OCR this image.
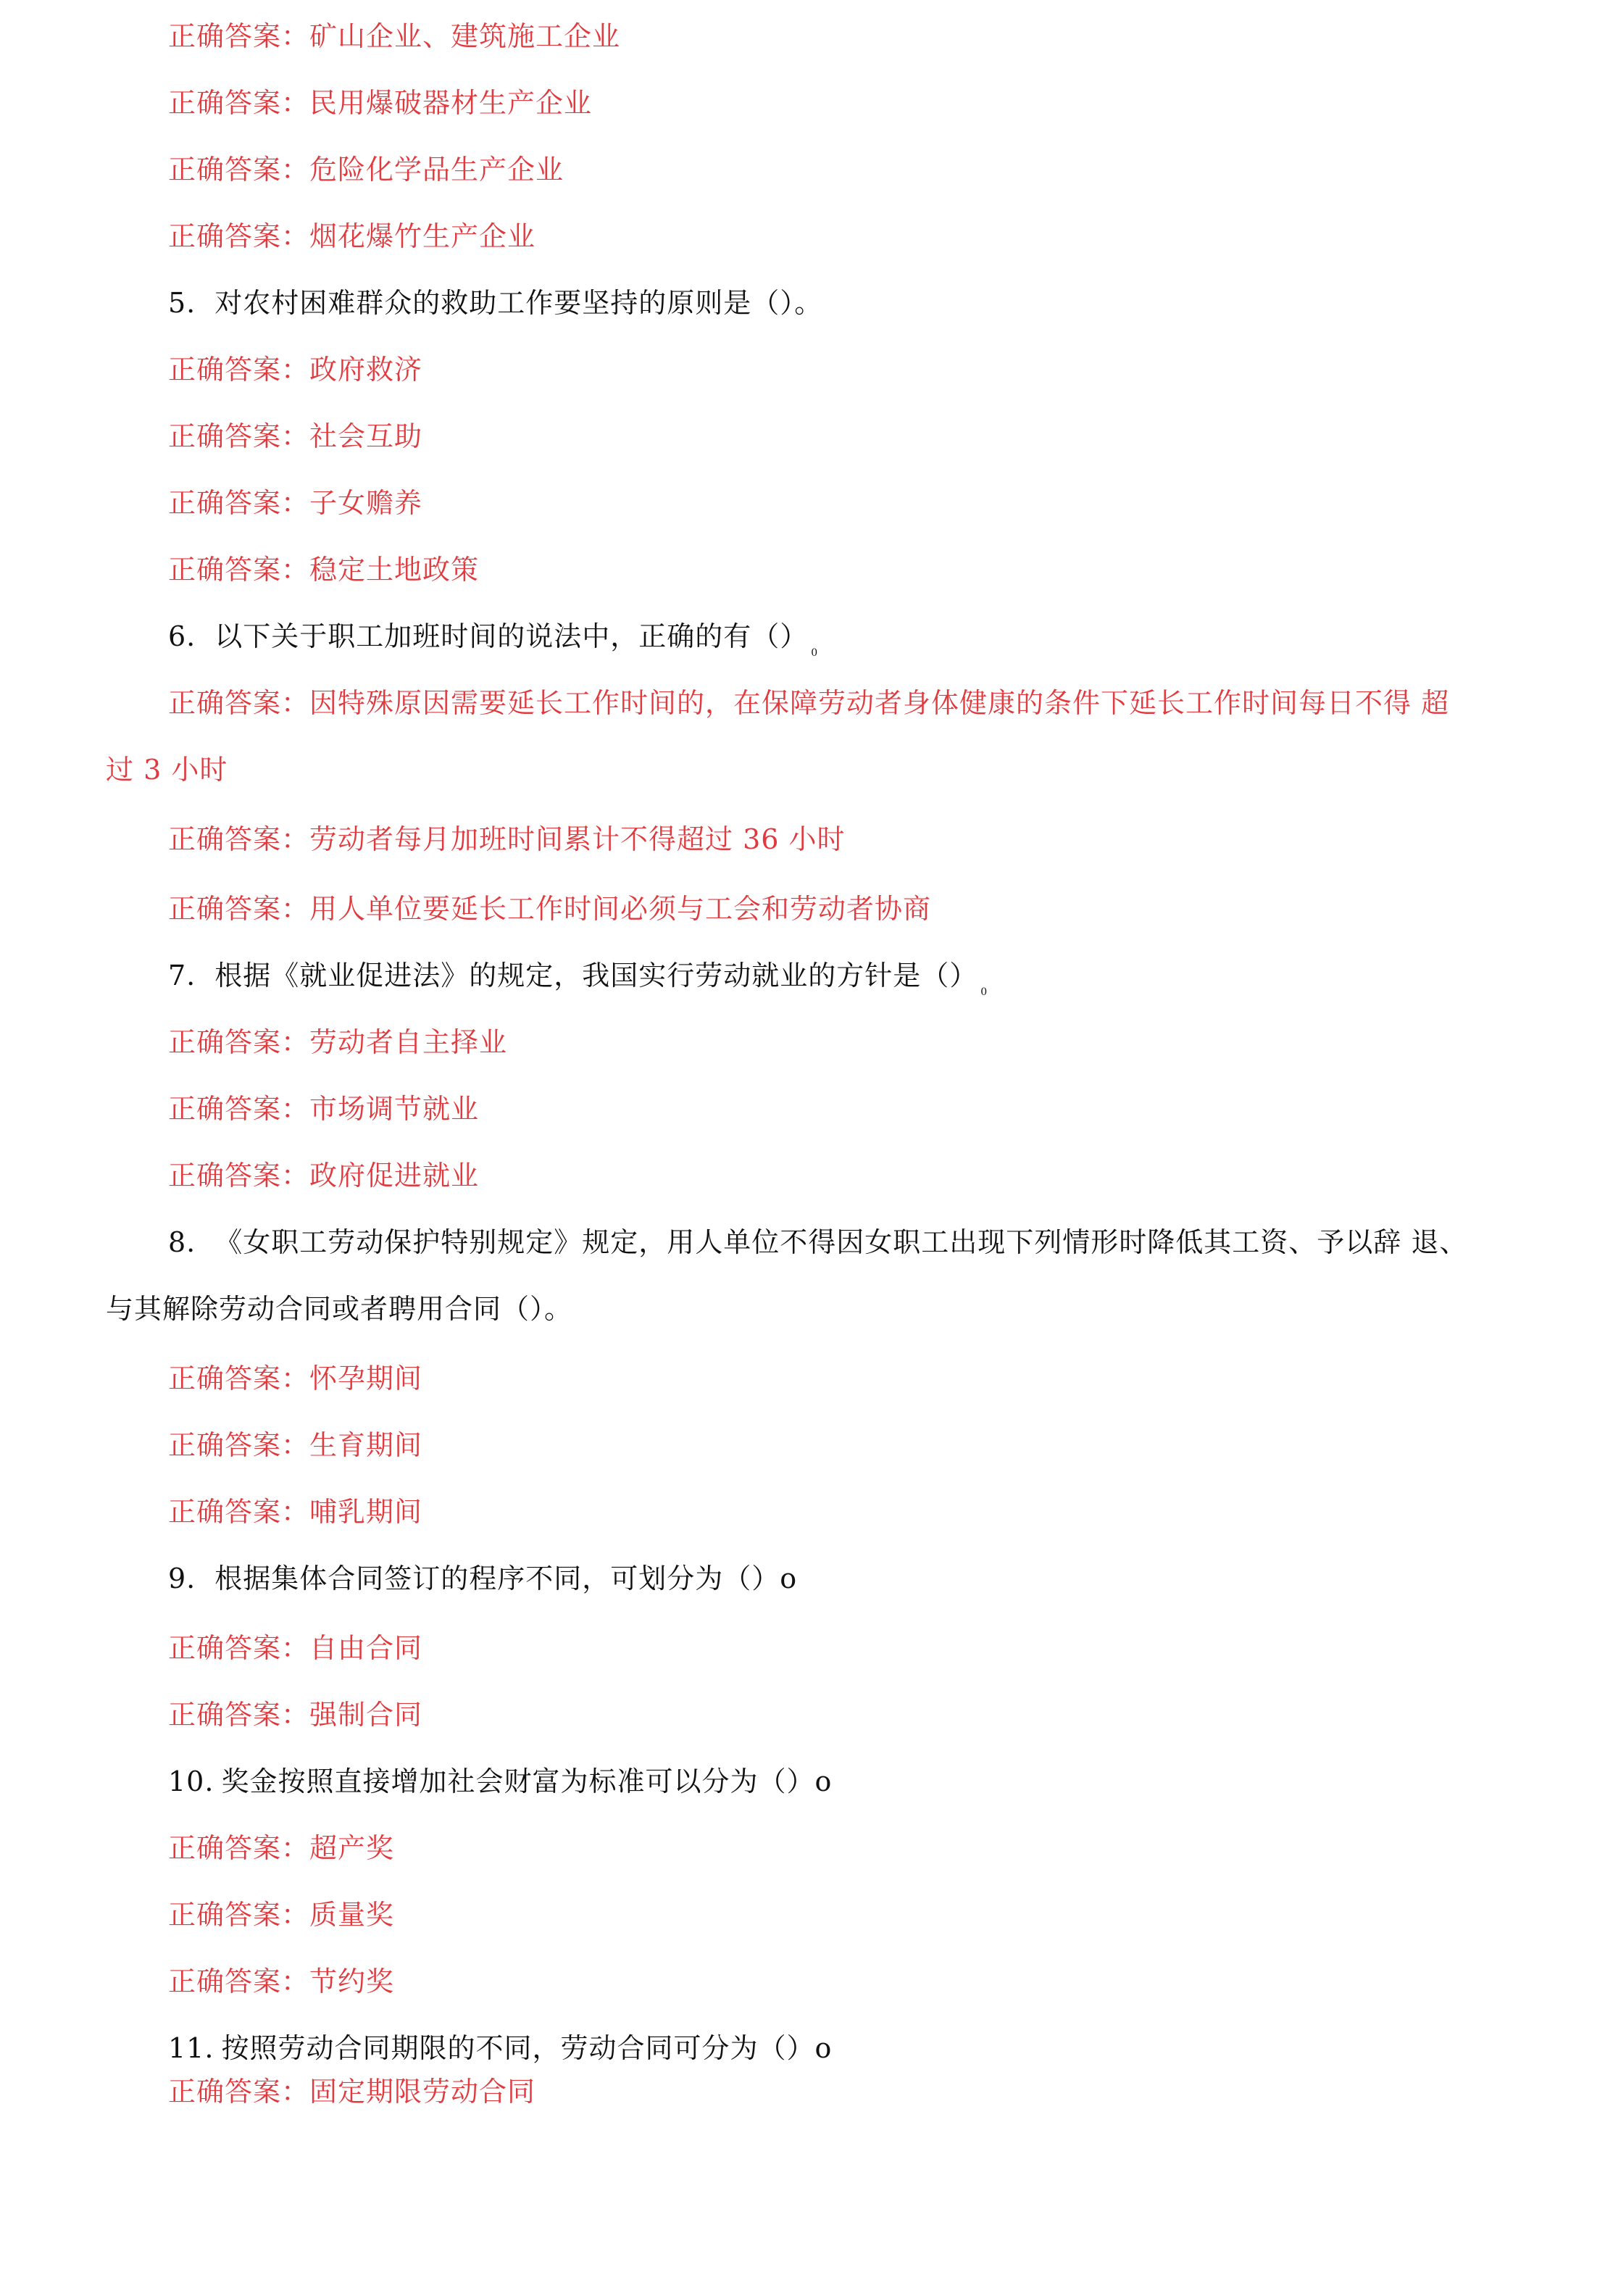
正确答案：矿山企业、建筑施工企业
正确答案：民用爆破器材生产企业
正确答案：危险化学品生产企业
正确答案：烟花爆竹生产企业
5. 对农村困难群众的救助工作要坚持的原则是（）。
正确答案：政府救济
正确答案：社会互助
正确答案：子女赡养
正确答案：稳定土地政策
6. 以下关于职工加班时间的说法中，正确的有$()_0$
正确答案：因特殊原因需要延长工作时间的，在保障劳动者身体健康的条件下延长工作时间每日不得 超
过 3 小时
正确答案：劳动者每月加班时间累计不得超过 36 小时
正确答案：用人单位要延长工作时间必须与工会和劳动者协商
7. 根据《就业促进法》的规定，我国实行劳动就业的方针是$()_0$
正确答案：劳动者自主择业
正确答案：市场调节就业
正确答案：政府促进就业
8. 《女职工劳动保护特别规定》规定，用人单位不得因女职工出现下列情形时降低其工资、予以辞 退、
与其解除劳动合同或者聘用合同（）。
正确答案：怀孕期间
正确答案：生育期间
正确答案：哺乳期间
9. 根据集体合同签订的程序不同，可划分为（）o
正确答案：自由合同
正确答案：强制合同
10. 奖金按照直接增加社会财富为标准可以分为（）o
正确答案：超产奖
正确答案：质量奖
正确答案：节约奖
11. 按照劳动合同期限的不同，劳动合同可分为（）o
正确答案：固定期限劳动合同
